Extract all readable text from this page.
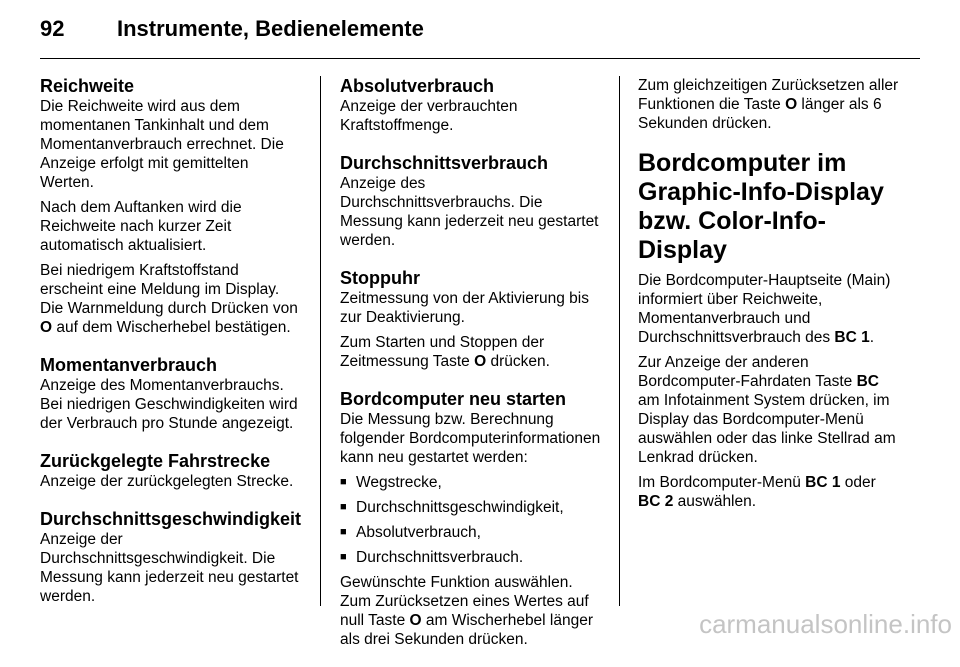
92 Instrumente, Bedienelemente
Reichweite

Die Reichweite wird aus dem momentanen Tankinhalt und dem Momentanverbrauch errechnet. Die Anzeige erfolgt mit gemittelten Werten.

Nach dem Auftanken wird die Reichweite nach kurzer Zeit automatisch aktualisiert.

Bei niedrigem Kraftstoffstand erscheint eine Meldung im Display. Die Warnmeldung durch Drücken von O auf dem Wischerhebel bestätigen.

Momentanverbrauch

Anzeige des Momentanverbrauchs. Bei niedrigen Geschwindigkeiten wird der Verbrauch pro Stunde angezeigt.

Zurückgelegte Fahrstrecke

Anzeige der zurückgelegten Strecke.

Durchschnittsgeschwindigkeit

Anzeige der Durchschnittsgeschwindigkeit. Die Messung kann jederzeit neu gestartet werden.

Absolutverbrauch

Anzeige der verbrauchten Kraftstoffmenge.

Durchschnittsverbrauch

Anzeige des Durchschnittsverbrauchs. Die Messung kann jederzeit neu gestartet werden.

Stoppuhr

Zeitmessung von der Aktivierung bis zur Deaktivierung.

Zum Starten und Stoppen der Zeitmessung Taste O drücken.

Bordcomputer neu starten

Die Messung bzw. Berechnung folgender Bordcomputerinformationen kann neu gestartet werden:

■ Wegstrecke,
■ Durchschnittsgeschwindigkeit,
■ Absolutverbrauch,
■ Durchschnittsverbrauch.

Gewünschte Funktion auswählen.

Zum Zurücksetzen eines Wertes auf null Taste O am Wischerhebel länger als drei Sekunden drücken.

Zum gleichzeitigen Zurücksetzen aller Funktionen die Taste O länger als 6 Sekunden drücken.

Bordcomputer im Graphic-Info-Display bzw. Color-Info-Display

Die Bordcomputer-Hauptseite (Main) informiert über Reichweite, Momentanverbrauch und Durchschnittsverbrauch des BC 1.

Zur Anzeige der anderen Bordcomputer-Fahrdaten Taste BC am Infotainment System drücken, im Display das Bordcomputer-Menü auswählen oder das linke Stellrad am Lenkrad drücken.

Im Bordcomputer-Menü BC 1 oder BC 2 auswählen.

carmanualsonline.info
